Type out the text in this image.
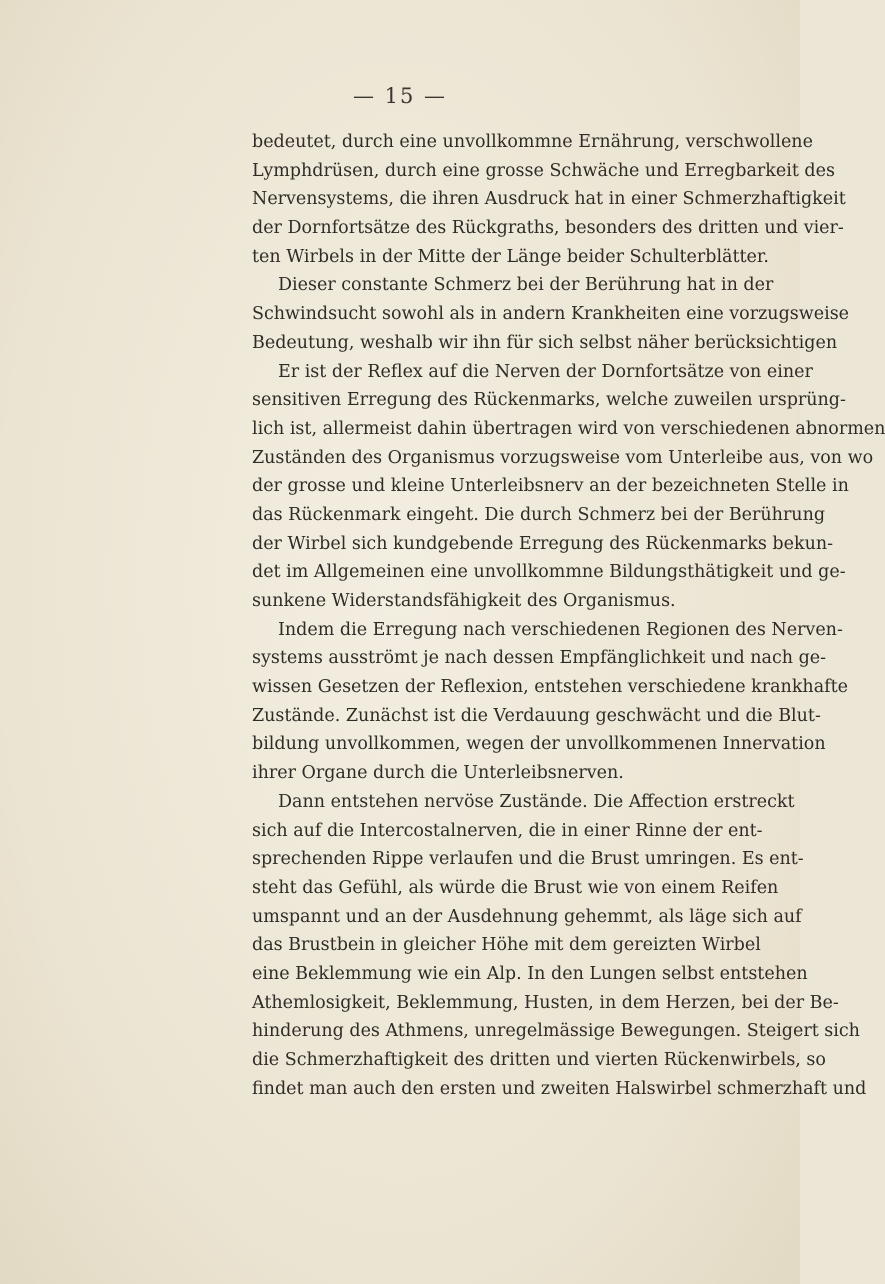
— 15 —
bedeutet, durch eine unvollkommne Ernährung, verschwollene
Lymphdrüsen, durch eine grosse Schwäche und Erregbarkeit des
Nervensystems, die ihren Ausdruck hat in einer Schmerzhaftigkeit
der Dornfortsätze des Rückgraths, besonders des dritten und vier-
ten Wirbels in der Mitte der Länge beider Schulterblätter.
Dieser constante Schmerz bei der Berührung hat in der
Schwindsucht sowohl als in andern Krankheiten eine vorzugsweise
Bedeutung, weshalb wir ihn für sich selbst näher berücksichtigen
Er ist der Reflex auf die Nerven der Dornfortsätze von einer
sensitiven Erregung des Rückenmarks, welche zuweilen ursprüng-
lich ist, allermeist dahin übertragen wird von verschiedenen abnormen
Zuständen des Organismus vorzugsweise vom Unterleibe aus, von wo
der grosse und kleine Unterleibsnerv an der bezeichneten Stelle in
das Rückenmark eingeht. Die durch Schmerz bei der Berührung
der Wirbel sich kundgebende Erregung des Rückenmarks bekun-
det im Allgemeinen eine unvollkommne Bildungsthätigkeit und ge-
sunkene Widerstandsfähigkeit des Organismus.
Indem die Erregung nach verschiedenen Regionen des Nerven-
systems ausströmt je nach dessen Empfänglichkeit und nach ge-
wissen Gesetzen der Reflexion, entstehen verschiedene krankhafte
Zustände. Zunächst ist die Verdauung geschwächt und die Blut-
bildung unvollkommen, wegen der unvollkommenen Innervation
ihrer Organe durch die Unterleibsnerven.
Dann entstehen nervöse Zustände. Die Affection erstreckt
sich auf die Intercostalnerven, die in einer Rinne der ent-
sprechenden Rippe verlaufen und die Brust umringen. Es ent-
steht das Gefühl, als würde die Brust wie von einem Reifen
umspannt und an der Ausdehnung gehemmt, als läge sich auf
das Brustbein in gleicher Höhe mit dem gereizten Wirbel
eine Beklemmung wie ein Alp. In den Lungen selbst entstehen
Athemlosigkeit, Beklemmung, Husten, in dem Herzen, bei der Be-
hinderung des Athmens, unregelmässige Bewegungen. Steigert sich
die Schmerzhaftigkeit des dritten und vierten Rückenwirbels, so
findet man auch den ersten und zweiten Halswirbel schmerzhaft und
